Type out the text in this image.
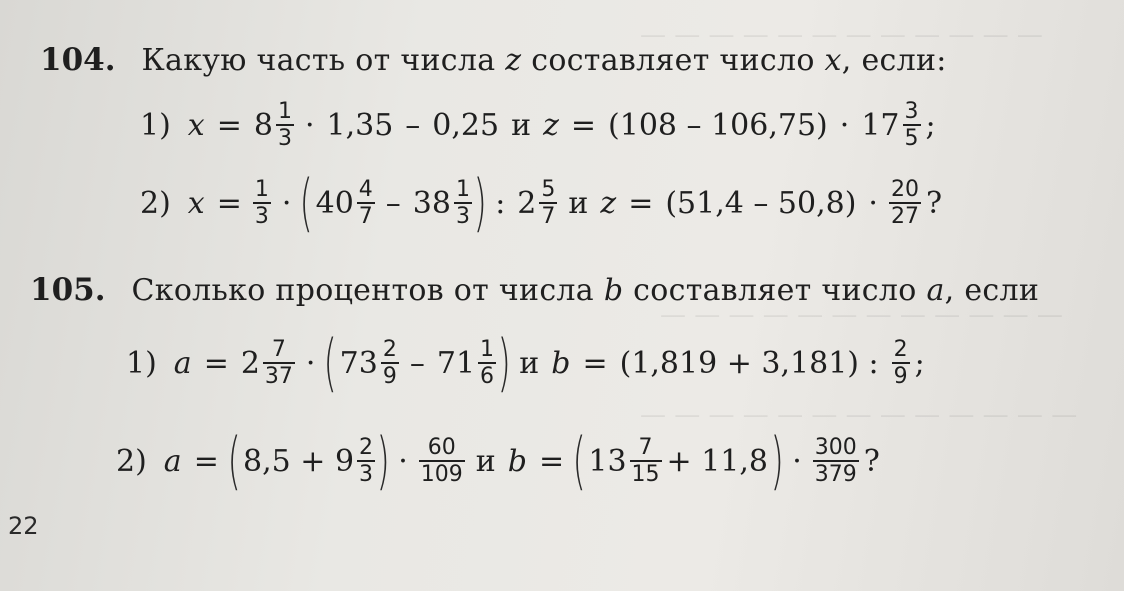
— — — — — — — — — — — —
— — — — — — — — — — — —
— — — — — — — — — — — — —
104. Какую часть от числа z составляет число x, если:
1) $x = 8 \frac{1}{3} \cdot 1,35 - 0,25$ и $z = (108 - 106,75) \cdot 17 \frac{3}{5}$ ;
2) $x = \frac{1}{3}$ · ( $40 \frac{4}{7} - 38 \frac{1}{3}$ ) : $2 \frac{5}{7}$ и $z = (51,4 - 50,8) \cdot \frac{20}{27}$ ?
105. Сколько процентов от числа b составляет число a, если
1) $a = 2 \frac{7}{37}$ · ( $73 \frac{2}{9} - 71 \frac{1}{6}$ ) и b = (1,819 + 3,181) : $\frac{2}{9}$ ;
2) a = ( $8,5 + 9 \frac{2}{3}$ ) · $\frac{60}{109}$ и b = ( $13 \frac{7}{15} + 11,8$ ) · $\frac{300}{379}$ ?
22
